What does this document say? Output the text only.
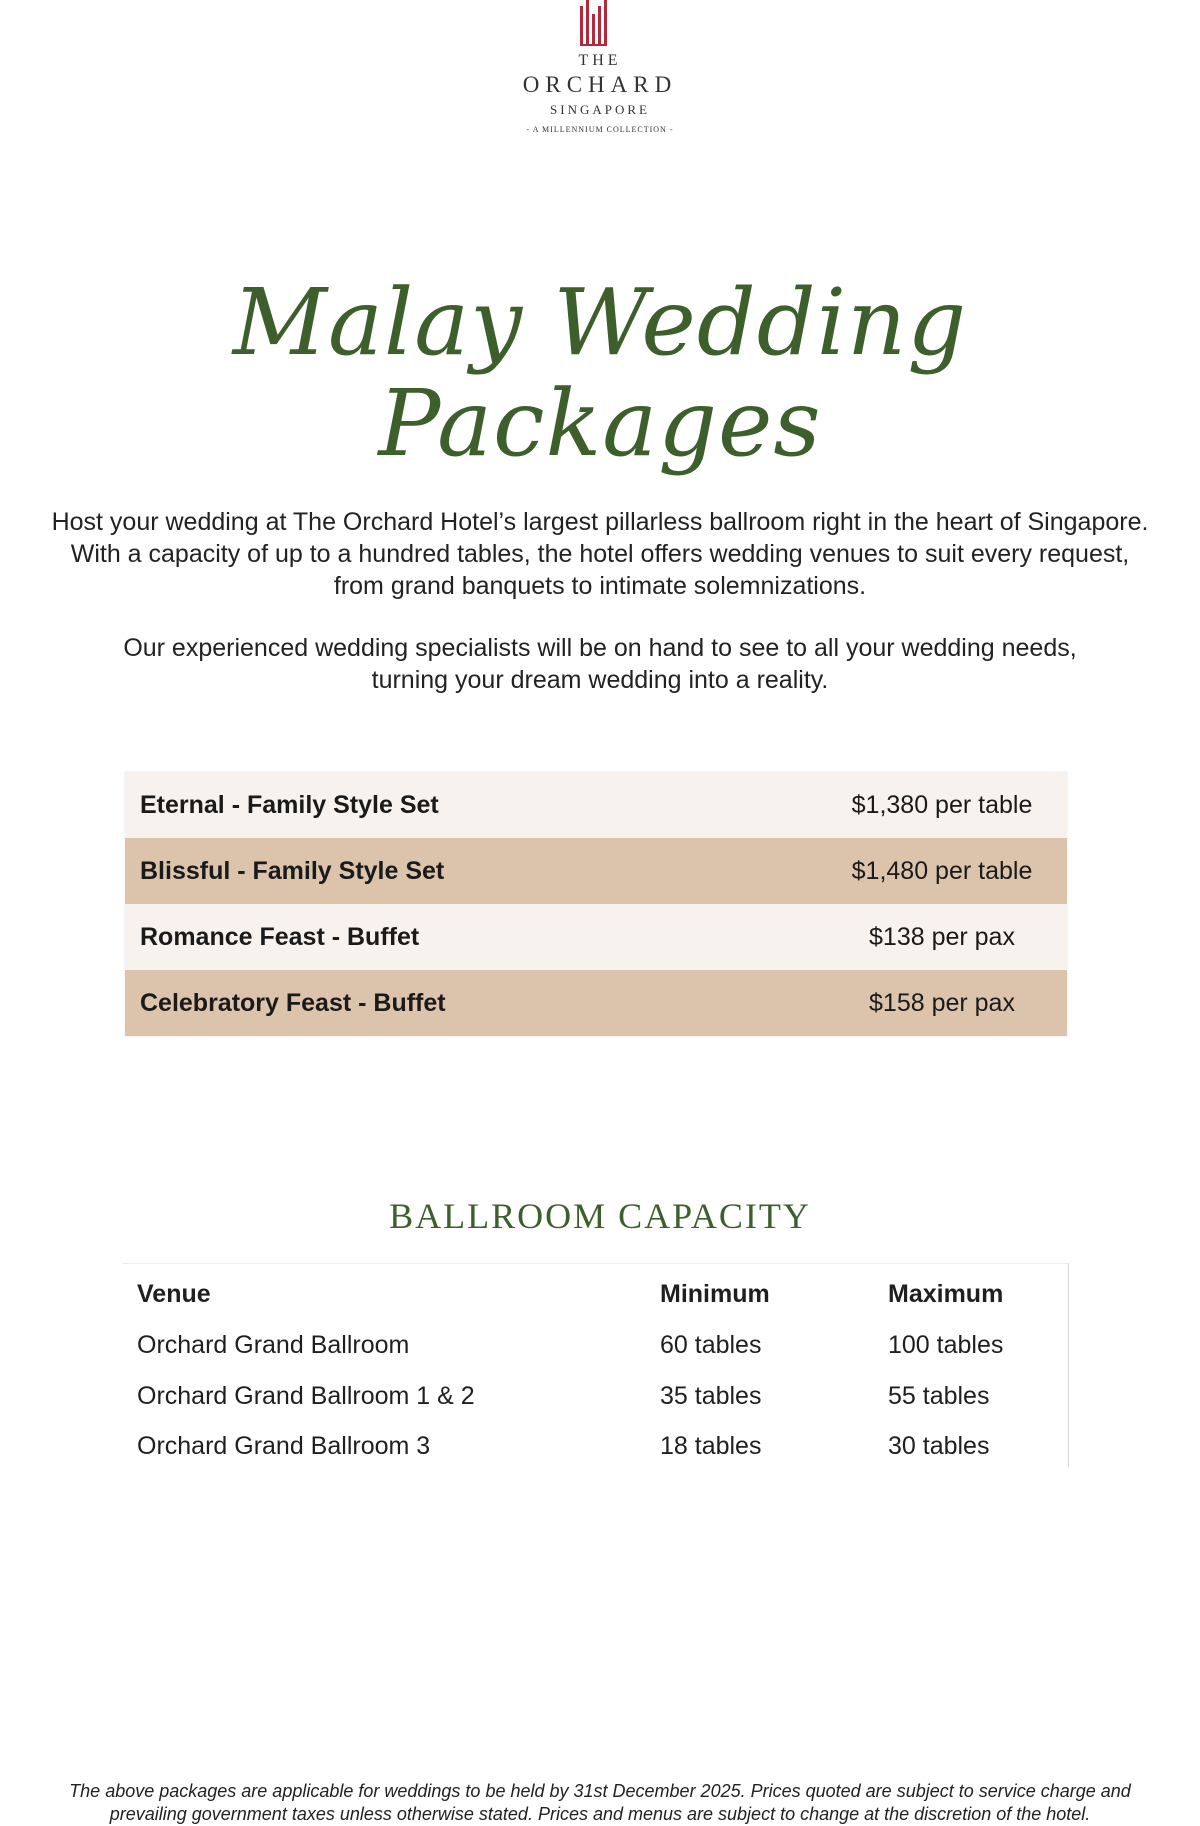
THE
ORCHARD
SINGAPORE
- A MILLENNIUM COLLECTION -
Malay Wedding Packages

Host your wedding at The Orchard Hotel’s largest pillarless ballroom right in the heart of Singapore.

With a capacity of up to a hundred tables, the hotel offers wedding venues to suit every request,

from grand banquets to intimate solemnizations.

Our experienced wedding specialists will be on hand to see to all your wedding needs,

turning your dream wedding into a reality.

Eternal - Family Style Set	$1,380 per table
Blissful - Family Style Set	$1,480 per table
Romance Feast - Buffet	$138 per pax
Celebratory Feast - Buffet	$158 per pax
BALLROOM CAPACITY
Venue	Minimum	Maximum
Orchard Grand Ballroom	60 tables	100 tables
Orchard Grand Ballroom 1 & 2	35 tables	55 tables
Orchard Grand Ballroom 3	18 tables	30 tables

The above packages are applicable for weddings to be held by 31st December 2025. Prices quoted are subject to service charge and

prevailing government taxes unless otherwise stated. Prices and menus are subject to change at the discretion of the hotel.
